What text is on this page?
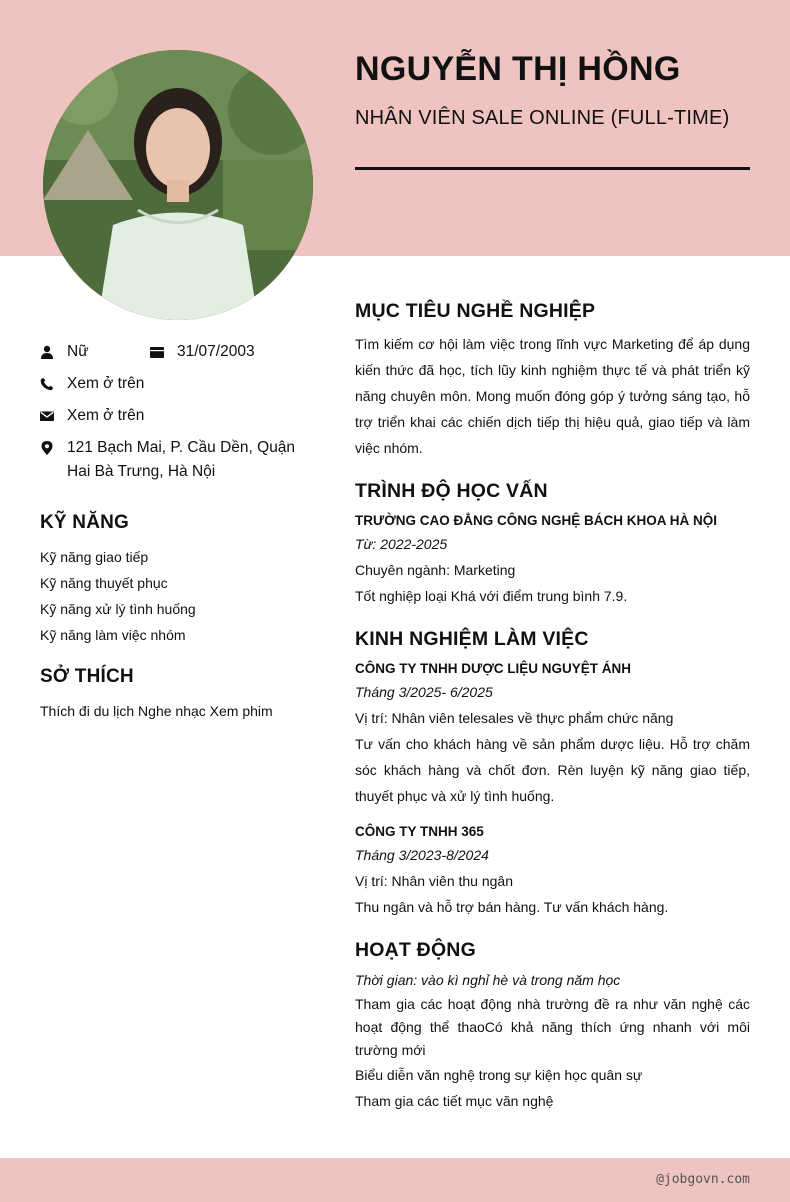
NGUYỄN THỊ HỒNG
NHÂN VIÊN SALE ONLINE (FULL-TIME)
Nữ	31/07/2003
Xem ở trên
Xem ở trên
121 Bạch Mai, P. Cầu Dền, Quận Hai Bà Trưng, Hà Nội
KỸ NĂNG
Kỹ năng giao tiếp
Kỹ năng thuyết phục
Kỹ năng xử lý tình huống
Kỹ năng làm việc nhóm
SỞ THÍCH
Thích đi du lịch Nghe nhạc Xem phim
MỤC TIÊU NGHỀ NGHIỆP
Tìm kiếm cơ hội làm việc trong lĩnh vực Marketing để áp dụng kiến thức đã học, tích lũy kinh nghiệm thực tế và phát triển kỹ năng chuyên môn. Mong muốn đóng góp ý tưởng sáng tạo, hỗ trợ triển khai các chiến dịch tiếp thị hiệu quả, giao tiếp và làm việc nhóm.
TRÌNH ĐỘ HỌC VẤN
TRƯỜNG CAO ĐẲNG CÔNG NGHỆ BÁCH KHOA HÀ NỘI
Từ: 2022-2025
Chuyên ngành: Marketing
Tốt nghiệp loại Khá với điểm trung bình 7.9.
KINH NGHIỆM LÀM VIỆC
CÔNG TY TNHH DƯỢC LIỆU NGUYỆT ÁNH
Tháng 3/2025- 6/2025
Vị trí: Nhân viên telesales về thực phẩm chức năng
Tư vấn cho khách hàng về sản phẩm dược liệu. Hỗ trợ chăm sóc khách hàng và chốt đơn. Rèn luyện kỹ năng giao tiếp, thuyết phục và xử lý tình huống.
CÔNG TY TNHH 365
Tháng 3/2023-8/2024
Vị trí: Nhân viên thu ngân
Thu ngân và hỗ trợ bán hàng. Tư vấn khách hàng.
HOẠT ĐỘNG
Thời gian: vào kì nghỉ hè và trong năm học
Tham gia các hoạt động nhà trường đề ra như văn nghệ các hoạt động thể thaoCó khả năng thích ứng nhanh với môi trường mới
Biểu diễn văn nghệ trong sự kiện học quân sự
Tham gia các tiết mục văn nghệ
@jobgovn.com
